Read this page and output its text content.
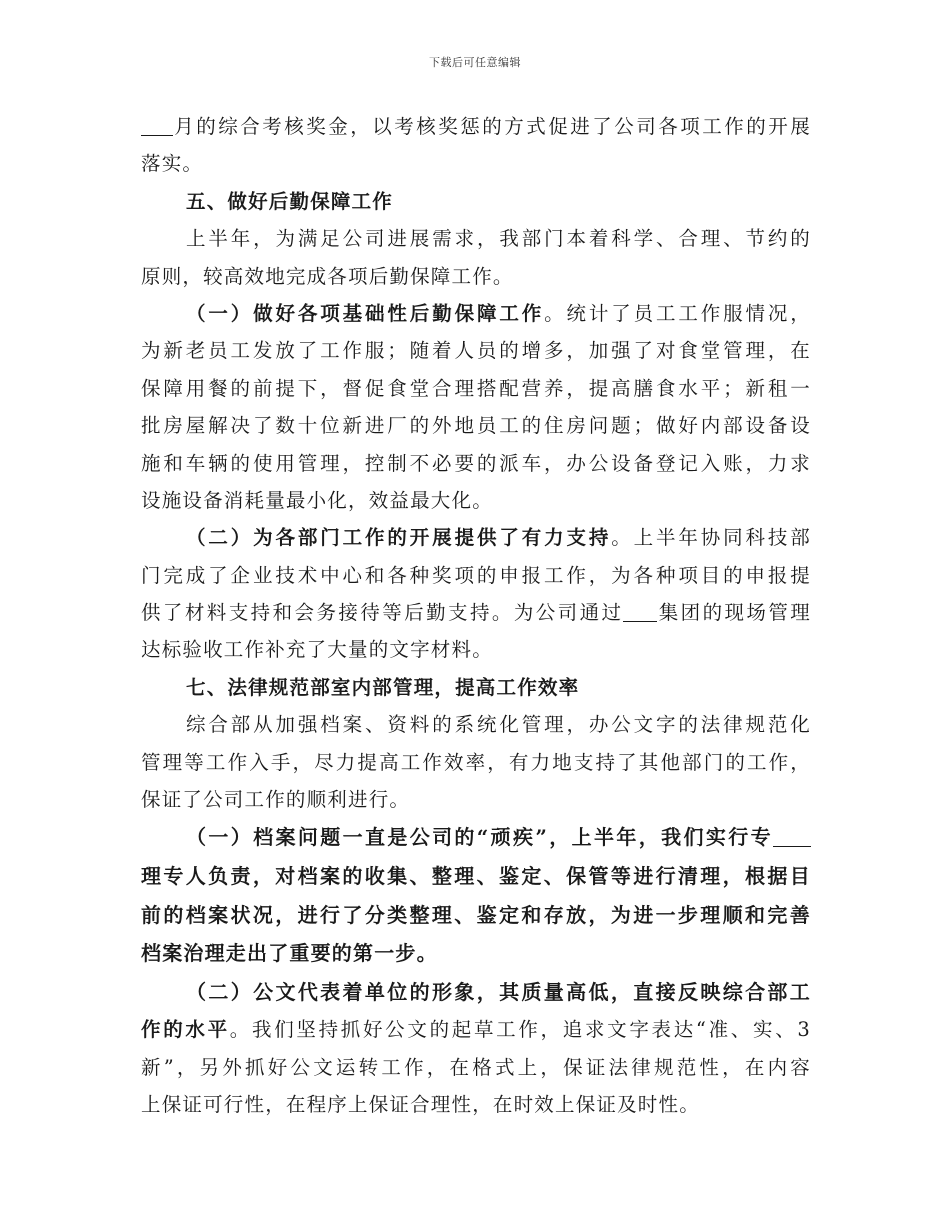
下载后可任意编辑
月的综合考核奖金，以考核奖惩的方式促进了公司各项工作的开展
落实。
五、做好后勤保障工作
上半年，为满足公司进展需求，我部门本着科学、合理、节约的
原则，较高效地完成各项后勤保障工作。
（一）做好各项基础性后勤保障工作。统计了员工工作服情况，
为新老员工发放了工作服；随着人员的增多，加强了对食堂管理，在
保障用餐的前提下，督促食堂合理搭配营养，提高膳食水平；新租一
批房屋解决了数十位新进厂的外地员工的住房问题；做好内部设备设
施和车辆的使用管理，控制不必要的派车，办公设备登记入账，力求
设施设备消耗量最小化，效益最大化。
（二）为各部门工作的开展提供了有力支持。上半年协同科技部
门完成了企业技术中心和各种奖项的申报工作，为各种项目的申报提
供了材料支持和会务接待等后勤支持。为公司通过 集团的现场管理
达标验收工作补充了大量的文字材料。
七、法律规范部室内部管理，提高工作效率
综合部从加强档案、资料的系统化管理，办公文字的法律规范化
管理等工作入手，尽力提高工作效率，有力地支持了其他部门的工作，
保证了公司工作的顺利进行。
（一）档案问题一直是公司的“顽疾”，上半年，我们实行专
理专人负责，对档案的收集、整理、鉴定、保管等进行清理，根据目
前的档案状况，进行了分类整理、鉴定和存放，为进一步理顺和完善
档案治理走出了重要的第一步。
（二）公文代表着单位的形象，其质量高低，直接反映综合部工
作的水平。我们坚持抓好公文的起草工作，追求文字表达“准、实、3
新”，另外抓好公文运转工作，在格式上，保证法律规范性，在内容
上保证可行性，在程序上保证合理性，在时效上保证及时性。
